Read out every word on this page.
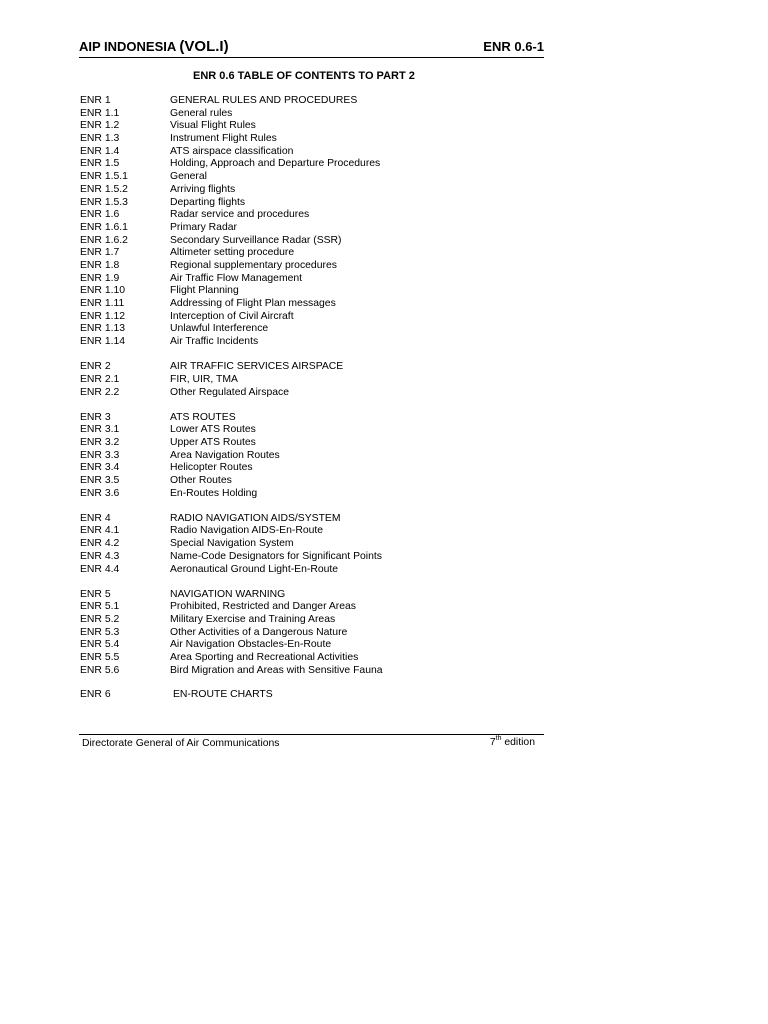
AIP INDONESIA (VOL.I)	ENR 0.6-1
ENR 0.6 TABLE OF CONTENTS TO PART 2
ENR 1	GENERAL RULES AND PROCEDURES
ENR 1.1	General rules
ENR 1.2	Visual Flight Rules
ENR 1.3	Instrument Flight Rules
ENR 1.4	ATS airspace classification
ENR 1.5	Holding, Approach and Departure Procedures
ENR 1.5.1	General
ENR 1.5.2	Arriving flights
ENR 1.5.3	Departing flights
ENR 1.6	Radar service and procedures
ENR 1.6.1	Primary Radar
ENR 1.6.2	Secondary Surveillance Radar (SSR)
ENR 1.7	Altimeter setting procedure
ENR 1.8	Regional supplementary procedures
ENR 1.9	Air Traffic Flow Management
ENR 1.10	Flight Planning
ENR 1.11	Addressing of Flight Plan messages
ENR 1.12	Interception of Civil Aircraft
ENR 1.13	Unlawful Interference
ENR 1.14	Air Traffic Incidents
ENR 2	AIR TRAFFIC SERVICES AIRSPACE
ENR 2.1	FIR, UIR, TMA
ENR 2.2	Other Regulated Airspace
ENR 3	ATS ROUTES
ENR 3.1	Lower ATS Routes
ENR 3.2	Upper ATS Routes
ENR 3.3	Area Navigation Routes
ENR 3.4	Helicopter Routes
ENR 3.5	Other Routes
ENR 3.6	En-Routes Holding
ENR 4	RADIO NAVIGATION AIDS/SYSTEM
ENR 4.1	Radio Navigation AIDS-En-Route
ENR 4.2	Special Navigation System
ENR 4.3	Name-Code Designators for Significant Points
ENR 4.4	Aeronautical Ground Light-En-Route
ENR 5	NAVIGATION WARNING
ENR 5.1	Prohibited, Restricted and Danger Areas
ENR 5.2	Military Exercise and Training Areas
ENR 5.3	Other Activities of a Dangerous Nature
ENR 5.4	Air Navigation Obstacles-En-Route
ENR 5.5	Area Sporting and Recreational Activities
ENR 5.6	Bird Migration and Areas with Sensitive Fauna
ENR 6	EN-ROUTE CHARTS
Directorate General of Air Communications	7th edition
